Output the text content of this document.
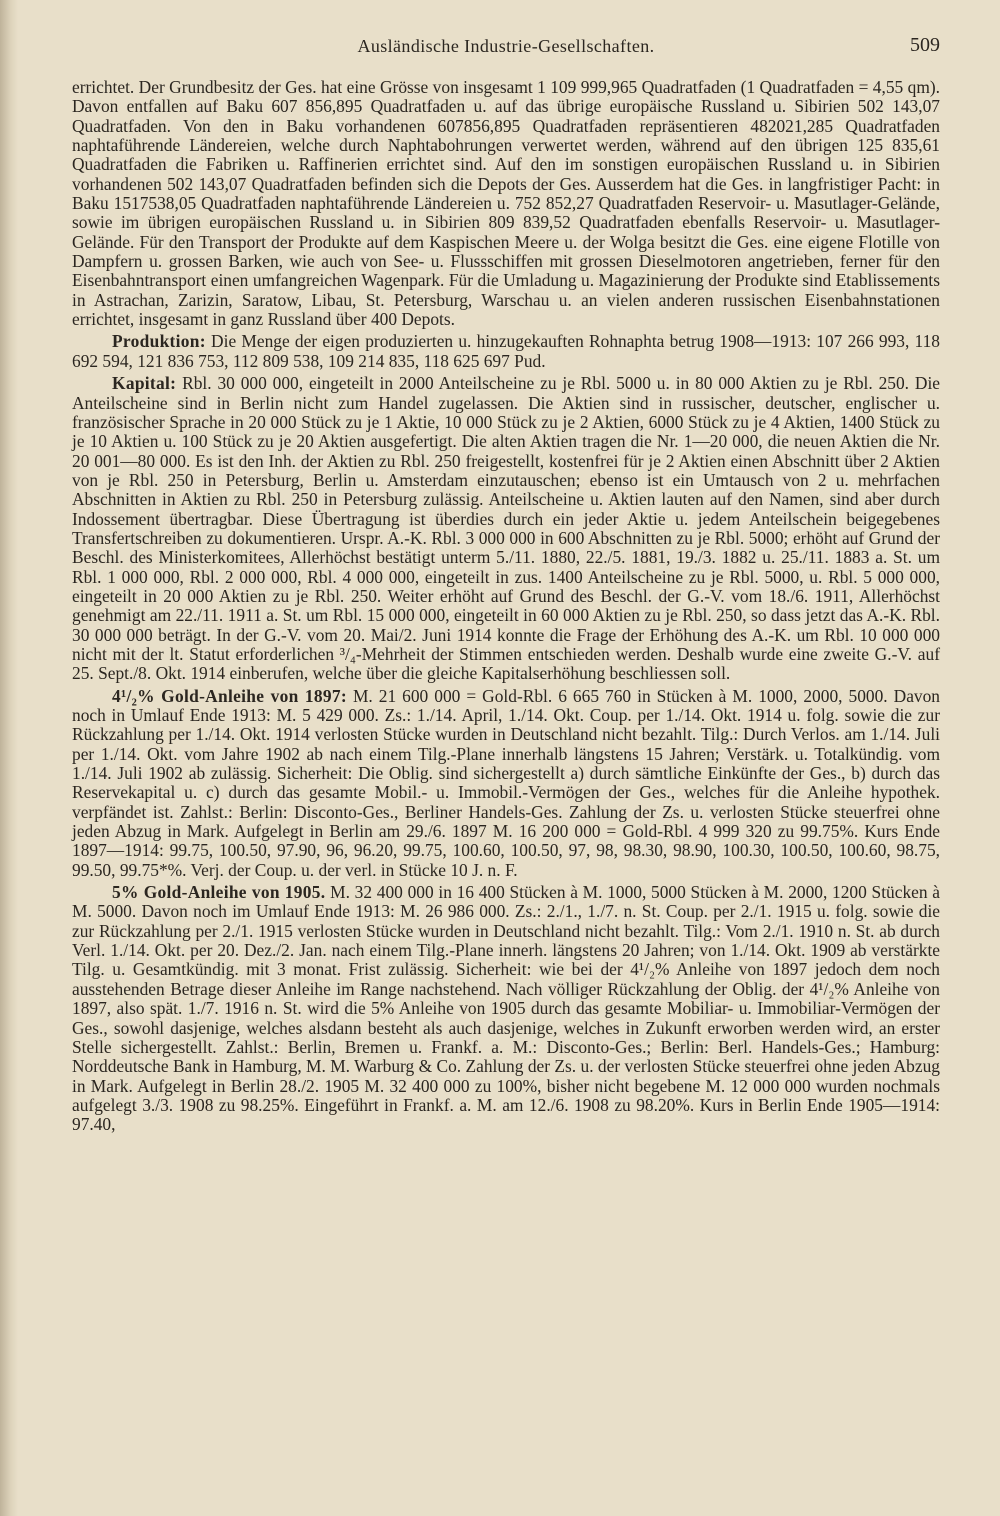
Ausländische Industrie-Gesellschaften.	509

errichtet. Der Grundbesitz der Ges. hat eine Grösse von insgesamt 1 109 999,965 Quadratfaden (1 Quadratfaden = 4,55 qm). Davon entfallen auf Baku 607 856,895 Quadratfaden u. auf das übrige europäische Russland u. Sibirien 502 143,07 Quadratfaden. Von den in Baku vorhandenen 607856,895 Quadratfaden repräsentieren 482021,285 Quadratfaden naphtaführende Ländereien, welche durch Naphtabohrungen verwertet werden, während auf den übrigen 125 835,61 Quadratfaden die Fabriken u. Raffinerien errichtet sind. Auf den im sonstigen europäischen Russland u. in Sibirien vorhandenen 502 143,07 Quadratfaden befinden sich die Depots der Ges. Ausserdem hat die Ges. in langfristiger Pacht: in Baku 1517538,05 Quadratfaden naphtaführende Ländereien u. 752 852,27 Quadratfaden Reservoir- u. Masutlager-Gelände, sowie im übrigen europäischen Russland u. in Sibirien 809 839,52 Quadratfaden ebenfalls Reservoir- u. Masutlager-Gelände. Für den Transport der Produkte auf dem Kaspischen Meere u. der Wolga besitzt die Ges. eine eigene Flotille von Dampfern u. grossen Barken, wie auch von See- u. Flussschiffen mit grossen Dieselmotoren angetrieben, ferner für den Eisenbahntransport einen umfangreichen Wagenpark. Für die Umladung u. Magazinierung der Produkte sind Etablissements in Astrachan, Zarizin, Saratow, Libau, St. Petersburg, Warschau u. an vielen anderen russischen Eisenbahnstationen errichtet, insgesamt in ganz Russland über 400 Depots.

Produktion: Die Menge der eigen produzierten u. hinzugekauften Rohnaphta betrug 1908—1913: 107 266 993, 118 692 594, 121 836 753, 112 809 538, 109 214 835, 118 625 697 Pud.

Kapital: Rbl. 30 000 000, eingeteilt in 2000 Anteilscheine zu je Rbl. 5000 u. in 80 000 Aktien zu je Rbl. 250. Die Anteilscheine sind in Berlin nicht zum Handel zugelassen. Die Aktien sind in russischer, deutscher, englischer u. französischer Sprache in 20 000 Stück zu je 1 Aktie, 10 000 Stück zu je 2 Aktien, 6000 Stück zu je 4 Aktien, 1400 Stück zu je 10 Aktien u. 100 Stück zu je 20 Aktien ausgefertigt. Die alten Aktien tragen die Nr. 1—20 000, die neuen Aktien die Nr. 20 001—80 000. Es ist den Inh. der Aktien zu Rbl. 250 freigestellt, kostenfrei für je 2 Aktien einen Abschnitt über 2 Aktien von je Rbl. 250 in Petersburg, Berlin u. Amsterdam einzutauschen; ebenso ist ein Umtausch von 2 u. mehrfachen Abschnitten in Aktien zu Rbl. 250 in Petersburg zulässig. Anteilscheine u. Aktien lauten auf den Namen, sind aber durch Indossement übertragbar. Diese Übertragung ist überdies durch ein jeder Aktie u. jedem Anteilschein beigegebenes Transfertschreiben zu dokumentieren. Urspr. A.-K. Rbl. 3 000 000 in 600 Abschnitten zu je Rbl. 5000; erhöht auf Grund der Beschl. des Ministerkomitees, Allerhöchst bestätigt unterm 5./11. 1880, 22./5. 1881, 19./3. 1882 u. 25./11. 1883 a. St. um Rbl. 1 000 000, Rbl. 2 000 000, Rbl. 4 000 000, eingeteilt in zus. 1400 Anteilscheine zu je Rbl. 5000, u. Rbl. 5 000 000, eingeteilt in 20 000 Aktien zu je Rbl. 250. Weiter erhöht auf Grund des Beschl. der G.-V. vom 18./6. 1911, Allerhöchst genehmigt am 22./11. 1911 a. St. um Rbl. 15 000 000, eingeteilt in 60 000 Aktien zu je Rbl. 250, so dass jetzt das A.-K. Rbl. 30 000 000 beträgt. In der G.-V. vom 20. Mai/2. Juni 1914 konnte die Frage der Erhöhung des A.-K. um Rbl. 10 000 000 nicht mit der lt. Statut erforderlichen ³/₄-Mehrheit der Stimmen entschieden werden. Deshalb wurde eine zweite G.-V. auf 25. Sept./8. Okt. 1914 einberufen, welche über die gleiche Kapitalserhöhung beschliessen soll.

4¹/₂% Gold-Anleihe von 1897: M. 21 600 000 = Gold-Rbl. 6 665 760 in Stücken à M. 1000, 2000, 5000. Davon noch in Umlauf Ende 1913: M. 5 429 000. Zs.: 1./14. April, 1./14. Okt. Coup. per 1./14. Okt. 1914 u. folg. sowie die zur Rückzahlung per 1./14. Okt. 1914 verlosten Stücke wurden in Deutschland nicht bezahlt. Tilg.: Durch Verlos. am 1./14. Juli per 1./14. Okt. vom Jahre 1902 ab nach einem Tilg.-Plane innerhalb längstens 15 Jahren; Verstärk. u. Totalkündig. vom 1./14. Juli 1902 ab zulässig. Sicherheit: Die Oblig. sind sichergestellt a) durch sämtliche Einkünfte der Ges., b) durch das Reservekapital u. c) durch das gesamte Mobil.- u. Immobil.-Vermögen der Ges., welches für die Anleihe hypothek. verpfändet ist. Zahlst.: Berlin: Disconto-Ges., Berliner Handels-Ges. Zahlung der Zs. u. verlosten Stücke steuerfrei ohne jeden Abzug in Mark. Aufgelegt in Berlin am 29./6. 1897 M. 16 200 000 = Gold-Rbl. 4 999 320 zu 99.75%. Kurs Ende 1897—1914: 99.75, 100.50, 97.90, 96, 96.20, 99.75, 100.60, 100.50, 97, 98, 98.30, 98.90, 100.30, 100.50, 100.60, 98.75, 99.50, 99.75*%. Verj. der Coup. u. der verl. in Stücke 10 J. n. F.

5% Gold-Anleihe von 1905. M. 32 400 000 in 16 400 Stücken à M. 1000, 5000 Stücken à M. 2000, 1200 Stücken à M. 5000. Davon noch im Umlauf Ende 1913: M. 26 986 000. Zs.: 2./1., 1./7. n. St. Coup. per 2./1. 1915 u. folg. sowie die zur Rückzahlung per 2./1. 1915 verlosten Stücke wurden in Deutschland nicht bezahlt. Tilg.: Vom 2./1. 1910 n. St. ab durch Verl. 1./14. Okt. per 20. Dez./2. Jan. nach einem Tilg.-Plane innerh. längstens 20 Jahren; von 1./14. Okt. 1909 ab verstärkte Tilg. u. Gesamtkündig. mit 3 monat. Frist zulässig. Sicherheit: wie bei der 4¹/₂% Anleihe von 1897 jedoch dem noch ausstehenden Betrage dieser Anleihe im Range nachstehend. Nach völliger Rückzahlung der Oblig. der 4¹/₂% Anleihe von 1897, also spät. 1./7. 1916 n. St. wird die 5% Anleihe von 1905 durch das gesamte Mobiliar- u. Immobiliar-Vermögen der Ges., sowohl dasjenige, welches alsdann besteht als auch dasjenige, welches in Zukunft erworben werden wird, an erster Stelle sichergestellt. Zahlst.: Berlin, Bremen u. Frankf. a. M.: Disconto-Ges.; Berlin: Berl. Handels-Ges.; Hamburg: Norddeutsche Bank in Hamburg, M. M. Warburg & Co. Zahlung der Zs. u. der verlosten Stücke steuerfrei ohne jeden Abzug in Mark. Aufgelegt in Berlin 28./2. 1905 M. 32 400 000 zu 100%, bisher nicht begebene M. 12 000 000 wurden nochmals aufgelegt 3./3. 1908 zu 98.25%. Eingeführt in Frankf. a. M. am 12./6. 1908 zu 98.20%. Kurs in Berlin Ende 1905—1914: 97.40,
